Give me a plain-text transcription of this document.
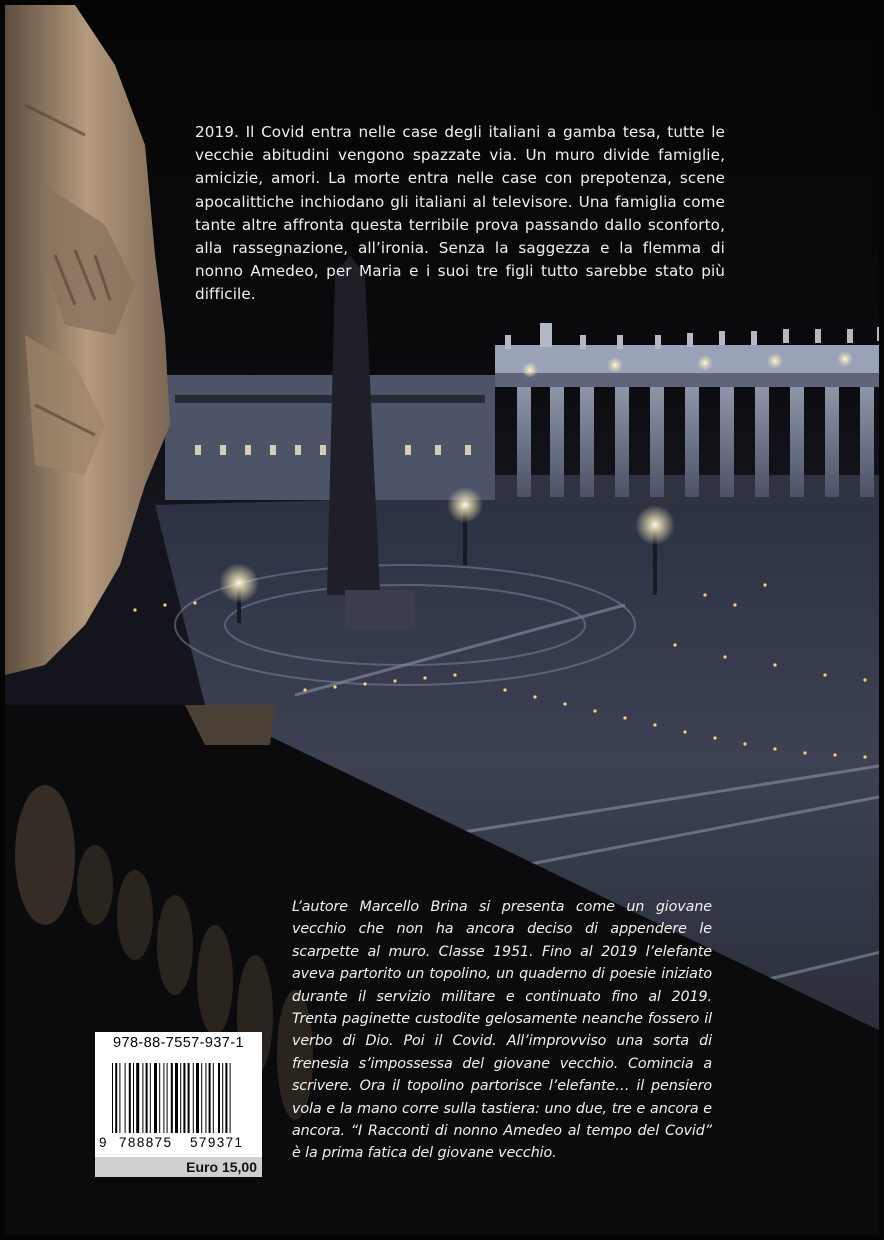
2019. Il Covid entra nelle case degli italiani a gamba tesa, tutte le vecchie abitudini vengono spazzate via. Un muro divide famiglie, amicizie, amori. La morte entra nelle case con prepotenza, scene apocalittiche inchiodano gli italiani al televisore. Una famiglia come tante altre affronta questa terribile prova passando dallo sconforto, alla rassegnazione, all’ironia. Senza la saggezza e la flemma di nonno Amedeo, per Maria e i suoi tre figli tutto sarebbe stato più difficile.
L’autore Marcello Brina si presenta come un giovane vecchio che non ha ancora deciso di appendere le scarpette al muro. Classe 1951. Fino al 2019 l’elefante aveva partorito un topolino, un quaderno di poesie iniziato durante il servizio militare e continuato fino al 2019. Trenta paginette custodite gelosamente neanche fossero il verbo di Dio. Poi il Covid. All’improvviso una sorta di frenesia s’impossessa del giovane vecchio. Comincia a scrivere. Ora il topolino partorisce l’elefante… il pensiero vola e la mano corre sulla tastiera: uno due, tre e ancora e ancora. “I Racconti di nonno Amedeo al tempo del Covid” è la prima fatica del giovane vecchio.
978-88-7557-937-1
9 788875 579371
Euro 15,00
